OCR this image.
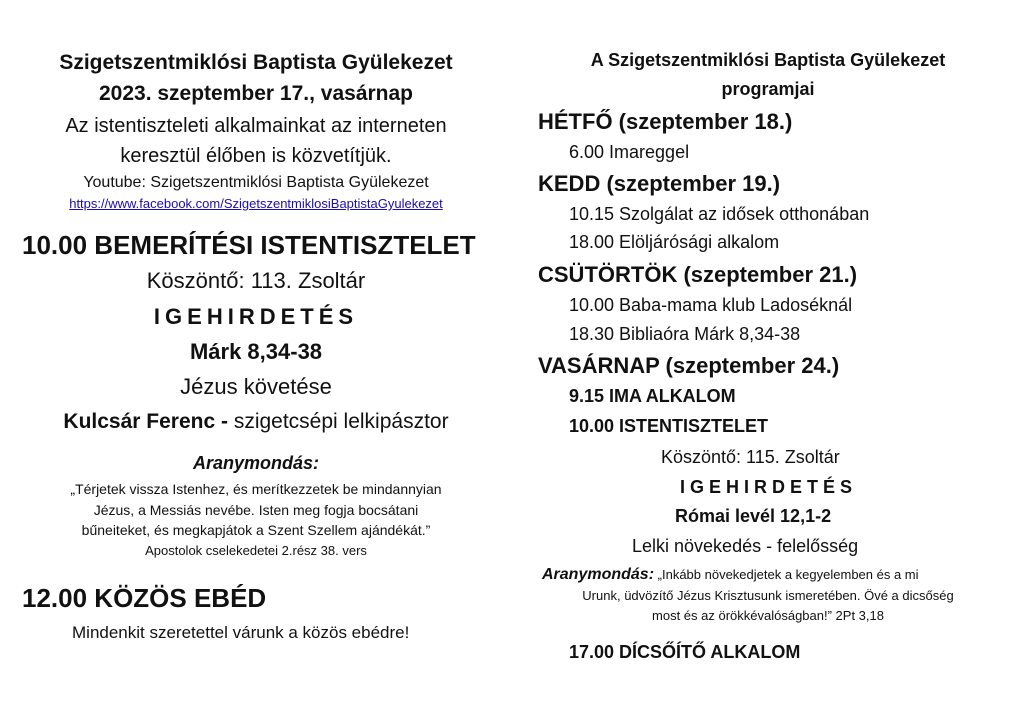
Szigetszentmiklósi Baptista Gyülekezet
2023. szeptember 17., vasárnap
Az istentiszteleti alkalmainkat az interneten
keresztül élőben is közvetítjük.
Youtube: Szigetszentmiklósi Baptista Gyülekezet
https://www.facebook.com/SzigetszentmiklosiBaptistaGyulekezet
10.00 BEMERÍTÉSI ISTENTISZTELET
Köszöntő: 113. Zsoltár
IGEHIRDETÉS
Márk 8,34-38
Jézus követése
Kulcsár Ferenc - szigetcsépi lelkipásztor
Aranymondás:
„Térjetek vissza Istenhez, és merítkezzetek be mindannyian
Jézus, a Messiás nevébe. Isten meg fogja bocsátani
bűneiteket, és megkapjátok a Szent Szellem ajándékát.”
Apostolok cselekedetei 2.rész 38. vers
12.00 KÖZÖS EBÉD
Mindenkit szeretettel várunk a közös ebédre!
A Szigetszentmiklósi Baptista Gyülekezet
programjai
HÉTFŐ (szeptember 18.)
6.00 Imareggel
KEDD (szeptember 19.)
10.15 Szolgálat az idősek otthonában
18.00 Elöljárósági alkalom
CSÜTÖRTÖK (szeptember 21.)
10.00 Baba-mama klub Ladoséknál
18.30 Bibliaóra Márk 8,34-38
VASÁRNAP (szeptember 24.)
9.15 IMA ALKALOM
10.00 ISTENTISZTELET
Köszöntő: 115. Zsoltár
IGEHIRDETÉS
Római levél 12,1-2
Lelki növekedés - felelősség
Aranymondás: „Inkább növekedjetek a kegyelemben és a mi
Urunk, üdvözítő Jézus Krisztusunk ismeretében. Övé a dicsőség
most és az örökkévalóságban!” 2Pt 3,18
17.00 DÍCSŐÍTŐ ALKALOM
